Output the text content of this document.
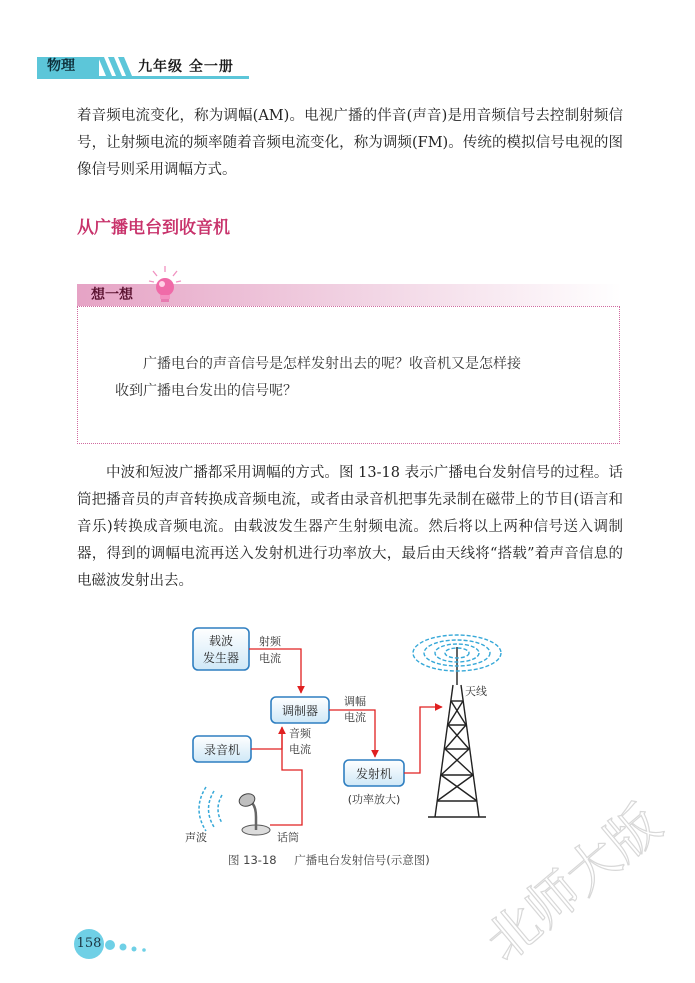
物理	九年级 全一册
着音频电流变化，称为调幅(AM)。电视广播的伴音(声音)是用音频信号去控制射频信号，让射频电流的频率随着音频电流变化，称为调频(FM)。传统的模拟信号电视的图像信号则采用调幅方式。
从广播电台到收音机
想一想
广播电台的声音信号是怎样发射出去的呢？收音机又是怎样接
收到广播电台发出的信号呢？
中波和短波广播都采用调幅的方式。图 13-18 表示广播电台发射信号的过程。话筒把播音员的声音转换成音频电流，或者由录音机把事先录制在磁带上的节目(语言和音乐)转换成音频电流。由载波发生器产生射频电流。然后将以上两种信号送入调制器，得到的调幅电流再送入发射机进行功率放大，最后由天线将“搭载”着声音信息的电磁波发射出去。
载波
发生器
射频
电流
调制器
调幅
电流
录音机
音频
电流
发射机
(功率放大)
天线
声波	话筒
图 13-18 广播电台发射信号(示意图)
158	北师大版
